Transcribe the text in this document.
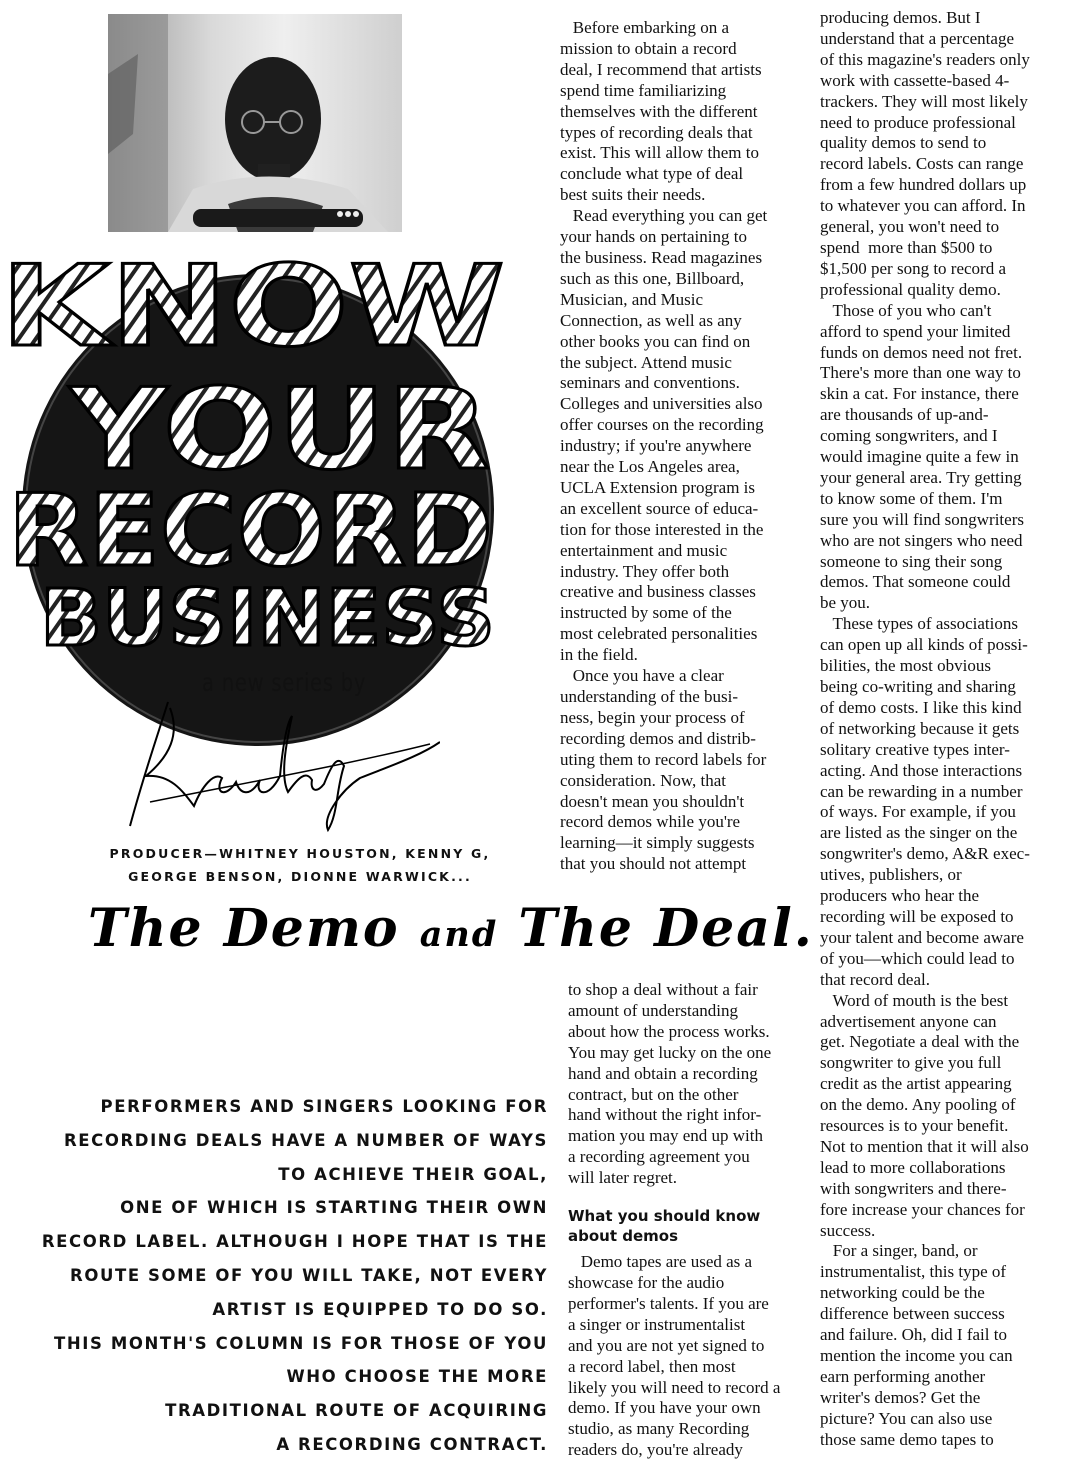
KNOW
YOUR
RECORD
BUSINESS
a new series by
PRODUCER—WHITNEY HOUSTON, KENNY G,
GEORGE BENSON, DIONNE WARWICK...
The Demo and The Deal.
PERFORMERS AND SINGERS LOOKING FOR
RECORDING DEALS HAVE A NUMBER OF WAYS
TO ACHIEVE THEIR GOAL,
ONE OF WHICH IS STARTING THEIR OWN
RECORD LABEL. ALTHOUGH I HOPE THAT IS THE
ROUTE SOME OF YOU WILL TAKE, NOT EVERY
ARTIST IS EQUIPPED TO DO SO.
THIS MONTH'S COLUMN IS FOR THOSE OF YOU
WHO CHOOSE THE MORE
TRADITIONAL ROUTE OF ACQUIRING
A RECORDING CONTRACT.
Before embarking on a
mission to obtain a record
deal, I recommend that artists
spend time familiarizing
themselves with the different
types of recording deals that
exist. This will allow them to
conclude what type of deal
best suits their needs.
Read everything you can get
your hands on pertaining to
the business. Read magazines
such as this one, Billboard,
Musician, and Music
Connection, as well as any
other books you can find on
the subject. Attend music
seminars and conventions.
Colleges and universities also
offer courses on the recording
industry; if you're anywhere
near the Los Angeles area,
UCLA Extension program is
an excellent source of educa-
tion for those interested in the
entertainment and music
industry. They offer both
creative and business classes
instructed by some of the
most celebrated personalities
in the field.
Once you have a clear
understanding of the busi-
ness, begin your process of
recording demos and distrib-
uting them to record labels for
consideration. Now, that
doesn't mean you shouldn't
record demos while you're
learning—it simply suggests
that you should not attempt
to shop a deal without a fair
amount of understanding
about how the process works.
You may get lucky on the one
hand and obtain a recording
contract, but on the other
hand without the right infor-
mation you may end up with
a recording agreement you
will later regret.
What you should know
about demos
Demo tapes are used as a
showcase for the audio
performer's talents. If you are
a singer or instrumentalist
and you are not yet signed to
a record label, then most
likely you will need to record a
demo. If you have your own
studio, as many Recording
readers do, you're already
producing demos. But I
understand that a percentage
of this magazine's readers only
work with cassette-based 4-
trackers. They will most likely
need to produce professional
quality demos to send to
record labels. Costs can range
from a few hundred dollars up
to whatever you can afford. In
general, you won't need to
spend  more than $500 to
$1,500 per song to record a
professional quality demo.
Those of you who can't
afford to spend your limited
funds on demos need not fret.
There's more than one way to
skin a cat. For instance, there
are thousands of up-and-
coming songwriters, and I
would imagine quite a few in
your general area. Try getting
to know some of them. I'm
sure you will find songwriters
who are not singers who need
someone to sing their song
demos. That someone could
be you.
These types of associations
can open up all kinds of possi-
bilities, the most obvious
being co-writing and sharing
of demo costs. I like this kind
of networking because it gets
solitary creative types inter-
acting. And those interactions
can be rewarding in a number
of ways. For example, if you
are listed as the singer on the
songwriter's demo, A&R exec-
utives, publishers, or
producers who hear the
recording will be exposed to
your talent and become aware
of you—which could lead to
that record deal.
Word of mouth is the best
advertisement anyone can
get. Negotiate a deal with the
songwriter to give you full
credit as the artist appearing
on the demo. Any pooling of
resources is to your benefit.
Not to mention that it will also
lead to more collaborations
with songwriters and there-
fore increase your chances for
success.
For a singer, band, or
instrumentalist, this type of
networking could be the
difference between success
and failure. Oh, did I fail to
mention the income you can
earn performing another
writer's demos? Get the
picture? You can also use
those same demo tapes to
